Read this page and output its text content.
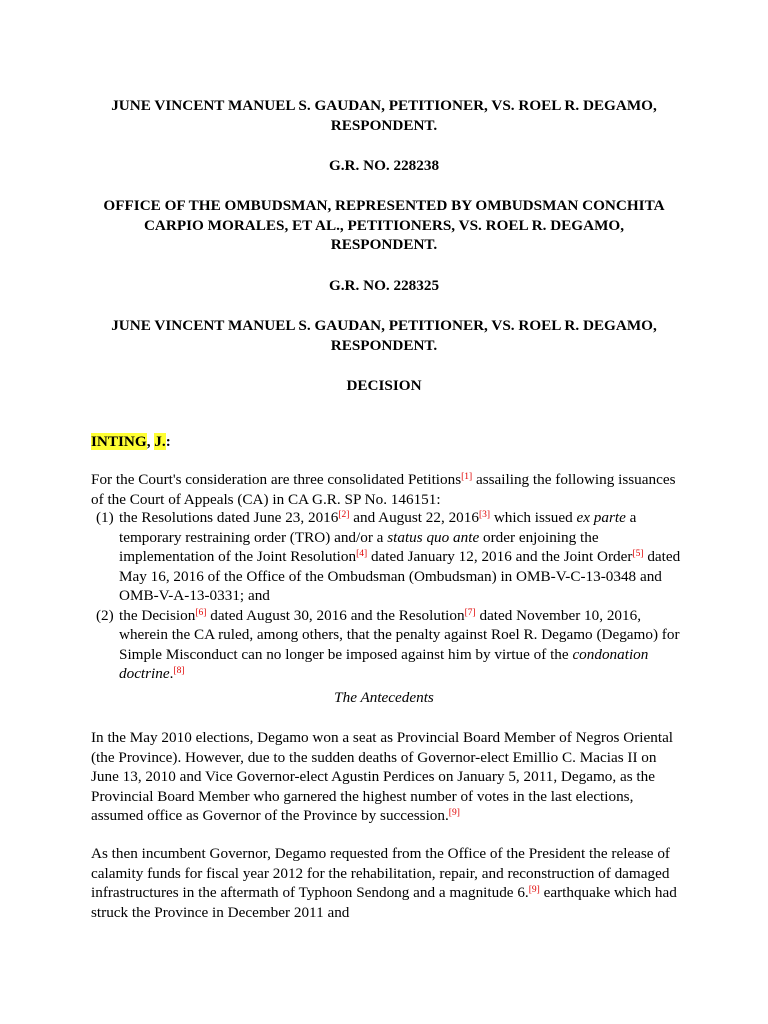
JUNE VINCENT MANUEL S. GAUDAN, PETITIONER, VS. ROEL R. DEGAMO, RESPONDENT.
G.R. NO. 228238
OFFICE OF THE OMBUDSMAN, REPRESENTED BY OMBUDSMAN CONCHITA CARPIO MORALES, ET AL., PETITIONERS, VS. ROEL R. DEGAMO, RESPONDENT.
G.R. NO. 228325
JUNE VINCENT MANUEL S. GAUDAN, PETITIONER, VS. ROEL R. DEGAMO, RESPONDENT.
DECISION
INTING, J.:

For the Court's consideration are three consolidated Petitions[1] assailing the following issuances of the Court of Appeals (CA) in CA G.R. SP No. 146151:

(1) the Resolutions dated June 23, 2016[2] and August 22, 2016[3] which issued ex parte a temporary restraining order (TRO) and/or a status quo ante order enjoining the implementation of the Joint Resolution[4] dated January 12, 2016 and the Joint Order[5] dated May 16, 2016 of the Office of the Ombudsman (Ombudsman) in OMB-V-C-13-0348 and OMB-V-A-13-0331; and
(2) the Decision[6] dated August 30, 2016 and the Resolution[7] dated November 10, 2016, wherein the CA ruled, among others, that the penalty against Roel R. Degamo (Degamo) for Simple Misconduct can no longer be imposed against him by virtue of the condonation doctrine.[8]
The Antecedents

In the May 2010 elections, Degamo won a seat as Provincial Board Member of Negros Oriental (the Province). However, due to the sudden deaths of Governor-elect Emillio C. Macias II on June 13, 2010 and Vice Governor-elect Agustin Perdices on January 5, 2011, Degamo, as the Provincial Board Member who garnered the highest number of votes in the last elections, assumed office as Governor of the Province by succession.[9]

As then incumbent Governor, Degamo requested from the Office of the President the release of calamity funds for fiscal year 2012 for the rehabilitation, repair, and reconstruction of damaged infrastructures in the aftermath of Typhoon Sendong and a magnitude 6.[9] earthquake which had struck the Province in December 2011 and
